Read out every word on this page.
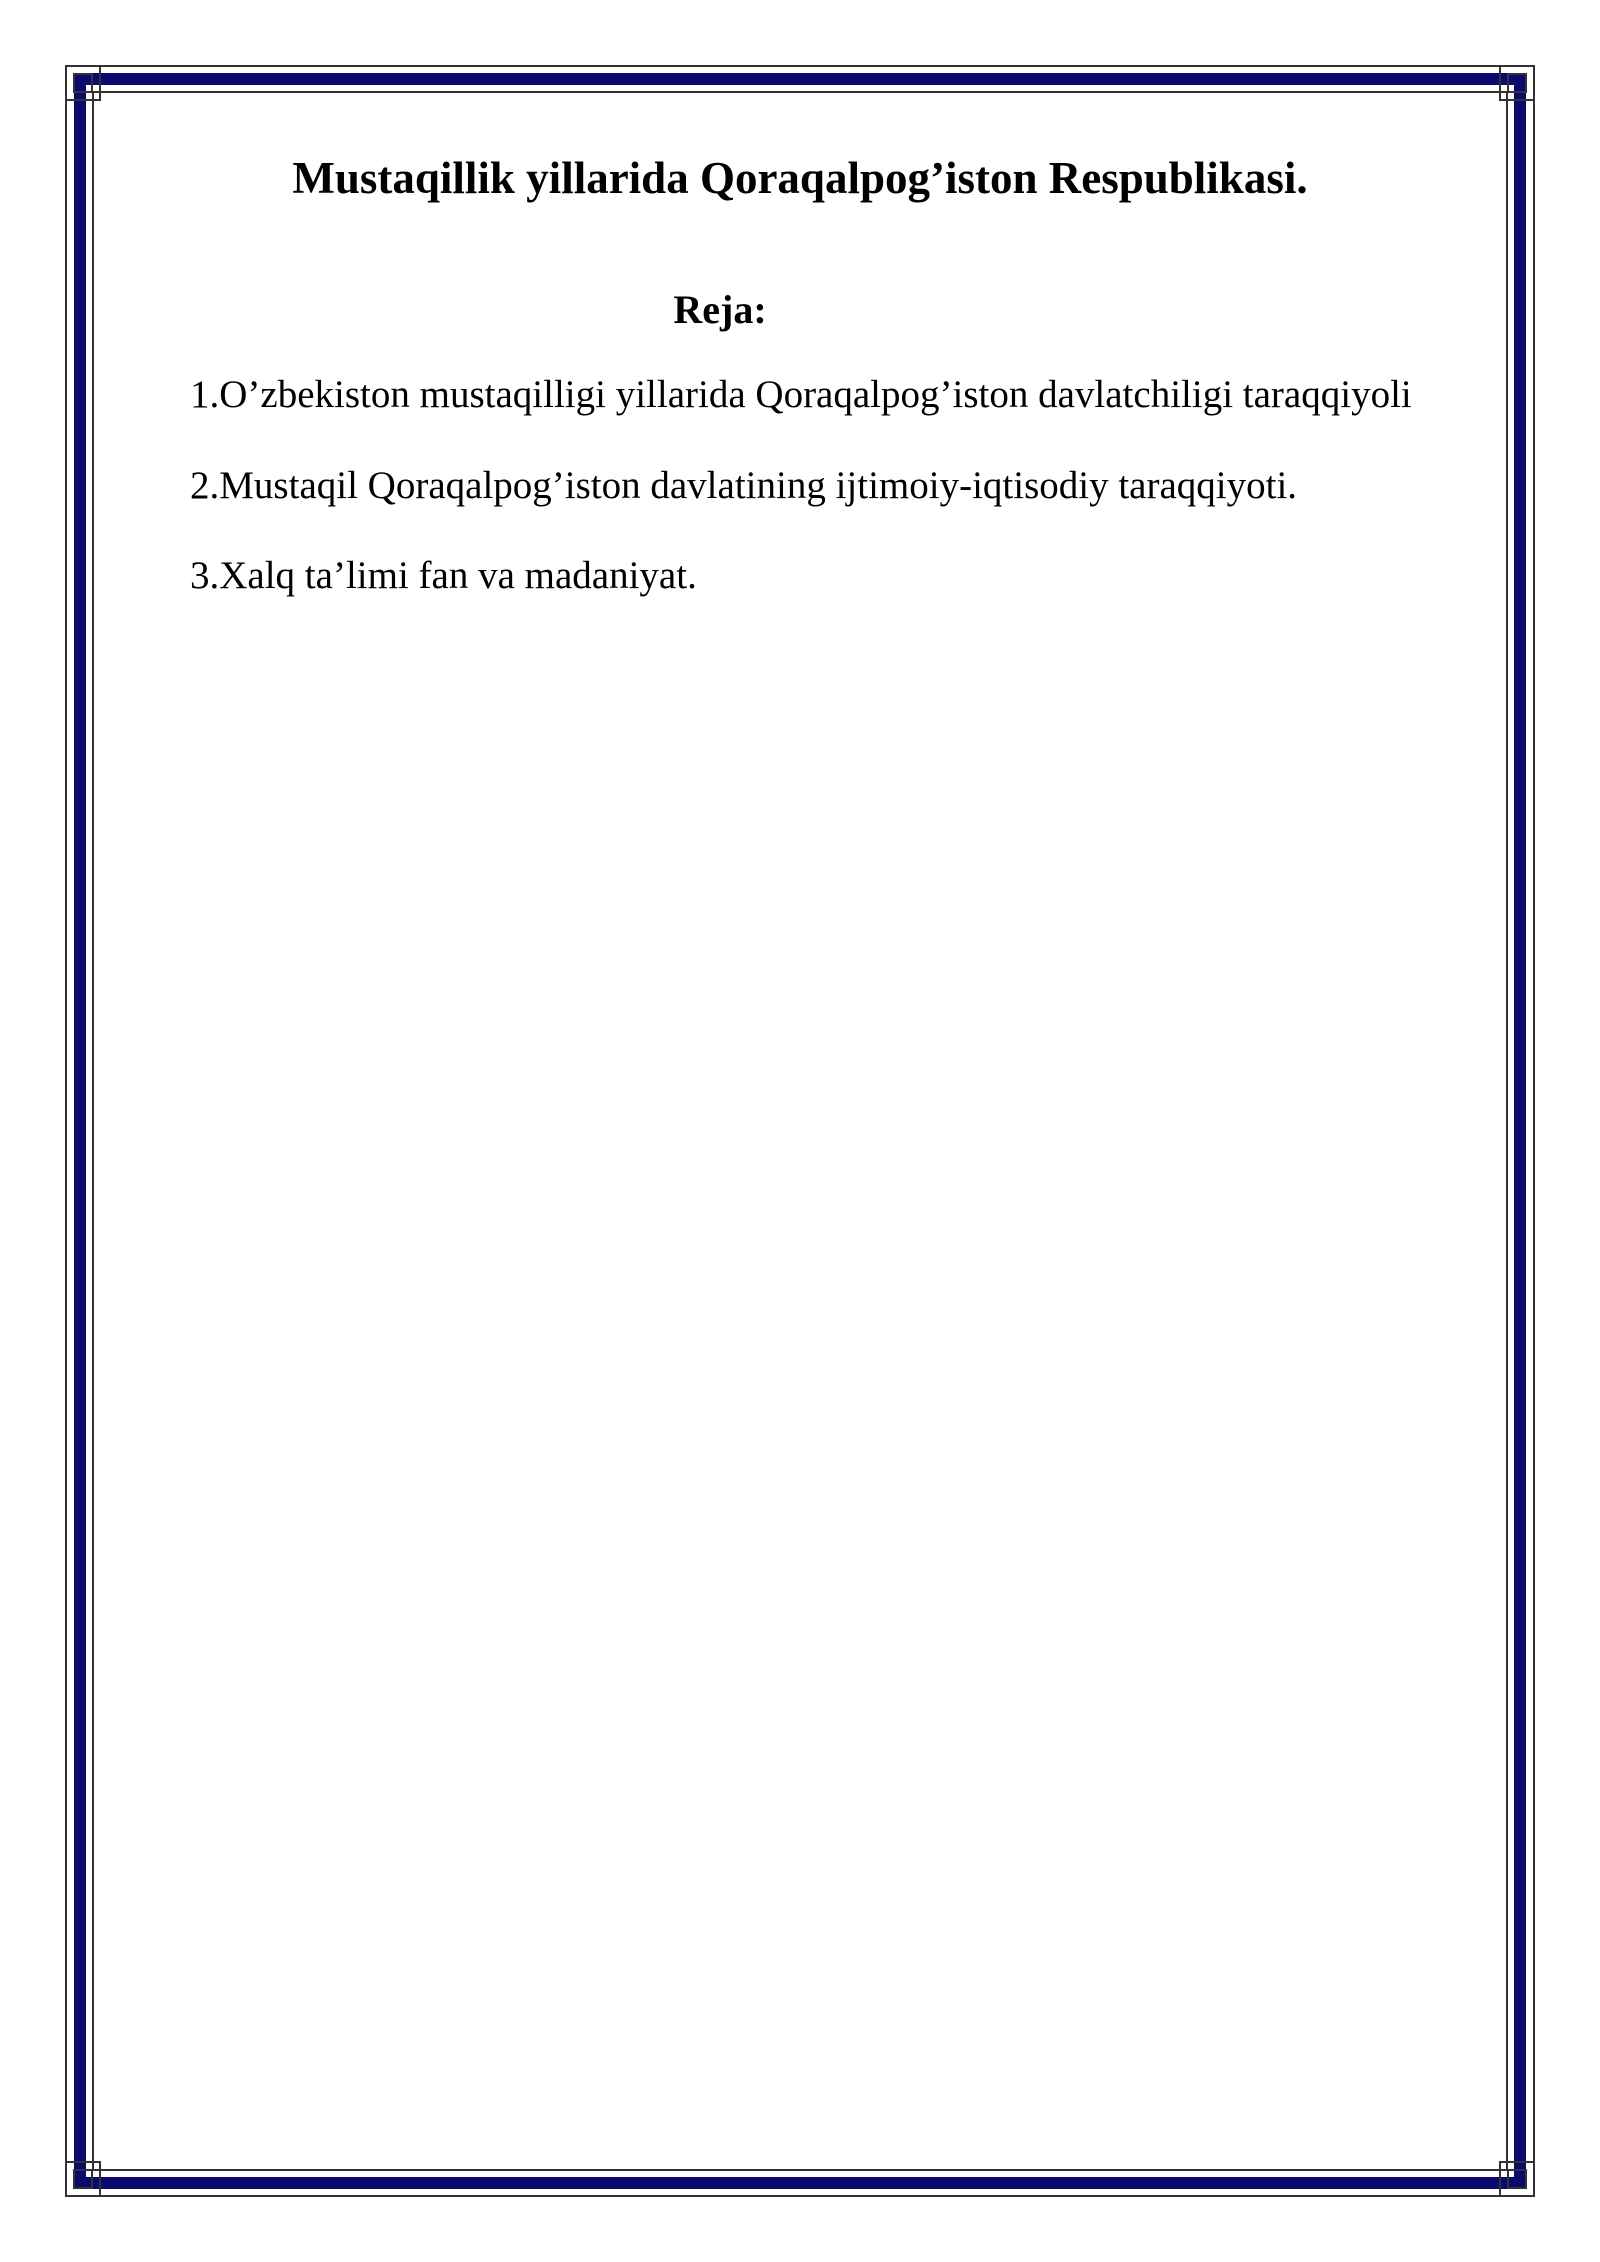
Mustaqillik yillarida Qoraqalpog’iston Respublikasi.
Reja:
1.O’zbekiston mustaqilligi yillarida Qoraqalpog’iston davlatchiligi taraqqiyoli
2.Mustaqil Qoraqalpog’iston davlatining ijtimoiy-iqtisodiy taraqqiyoti.
3.Xalq ta’limi fan va madaniyat.
